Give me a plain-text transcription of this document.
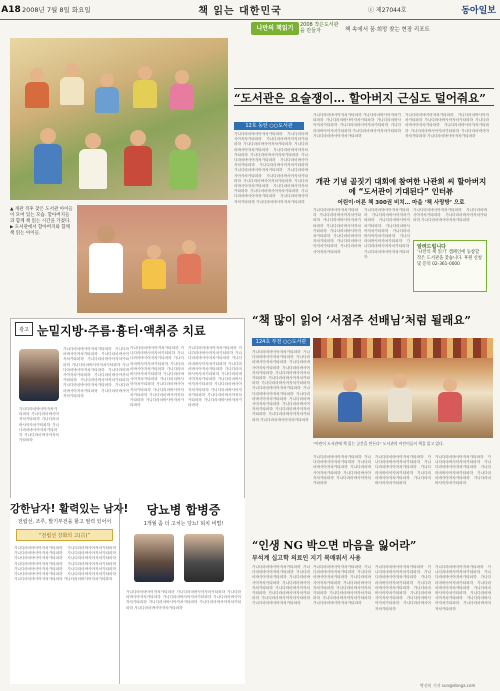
A18 2008년 7월 8일 화요일	책 읽는 대한민국	ⓒ 제27044호	동아일보
나만의 책읽기	2008 작은도서관을 만들자	책 속에서 꿈·희망 찾는 현장 리포트
▲ 개관 직후 찾은 도서관 아이들이 모여 있는 모습. 할아버지들과 함께 책 읽는 시간을 가졌다. ▶ 도서관에서 할아버지와 함께 책 읽는 아이들.
“도서관은 요술쟁이… 할아버지 근심도 덜어줘요”
12호 동탄 ○○도서관
가나다라마바사아자차카타파하 가나다라마바사아자차카타파하 가나다라마바사아자차카타파하 가나다라마바사아자차카타파하 가나다라마바사아자차카타파하 가나다라마바사아자차카타파하 가나다라마바사아자차카타파하 가나다라마바사아자차카타파하 가나다라마바사아자차카타파하 가나다라마바사아자차카타파하 가나다라마바사아자차카타파하 가나다라마바사아자차카타파하 가나다라마바사아자차카타파하 가나다라마바사아자차카타파하 가나다라마바사아자차카타파하 가나다라마바사아자차카타파하 가나다라마바사아자차카타파하 가나다라마바사아자차카타파하 가나다라마바사아자차카타파하 가나다라마바사아자차카타파하
가나다라마바사아자차카타파하 가나다라마바사아자차카타파하 가나다라마바사아자차카타파하 가나다라마바사아자차카타파하 가나다라마바사아자차카타파하 가나다라마바사아자차카타파하 가나다라마바사아자차카타파하 가나다라마바사아자차카타파하
가나다라마바사아자차카타파하 가나다라마바사아자차카타파하 가나다라마바사아자차카타파하 가나다라마바사아자차카타파하 가나다라마바사아자차카타파하 가나다라마바사아자차카타파하 가나다라마바사아자차카타파하 가나다라마바사아자차카타파하
개관 기념 골짓기 대회에 참여한 나관희 씨 할아버지에 “도서관이 기대된다” 인터뷰
어린이·어른 책 300권 비치… 마을 ‘책 사랑방’ 으로
가나다라마바사아자차카타파하 가나다라마바사아자차카타파하 가나다라마바사아자차카타파하 가나다라마바사아자차카타파하 가나다라마바사아자차카타파하 가나다라마바사아자차카타파하 가나다라마바사아자차카타파하 가나다라마바사아자차카타파하
가나다라마바사아자차카타파하 가나다라마바사아자차카타파하 가나다라마바사아자차카타파하 가나다라마바사아자차카타파하 가나다라마바사아자차카타파하 가나다라마바사아자차카타파하 가나다라마바사아자차카타파하 가나다라마바사아자차카타파하
가나다라마바사아자차카타파하 가나다라마바사아자차카타파하 가나다라마바사아자차카타파하 가나다라마바사아자차카타파하
알려드립니다
‘나만의 책 읽기’ 캠페인에 동참할 작은 도서관을 찾습니다. 후원 신청 및 문의 02-361-0000
“책 많이 읽어 ‘서점주 선배님’처럼 될래요”
124호 부천 ○○도서관
가나다라마바사아자차카타파하 가나다라마바사아자차카타파하 가나다라마바사아자차카타파하 가나다라마바사아자차카타파하 가나다라마바사아자차카타파하 가나다라마바사아자차카타파하 가나다라마바사아자차카타파하 가나다라마바사아자차카타파하 가나다라마바사아자차카타파하 가나다라마바사아자차카타파하 가나다라마바사아자차카타파하 가나다라마바사아자차카타파하 가나다라마바사아자차카타파하 가나다라마바사아자차카타파하 가나다라마바사아자차카타파하 가나다라마바사아자차카타파하
“어린이 도서관에 책 읽는 공간을 만든다” 도서관의 어린이들이 책을 읽고 있다.
가나다라마바사아자차카타파하 가나다라마바사아자차카타파하 가나다라마바사아자차카타파하 가나다라마바사아자차카타파하 가나다라마바사아자차카타파하 가나다라마바사아자차카타파하
가나다라마바사아자차카타파하 가나다라마바사아자차카타파하 가나다라마바사아자차카타파하 가나다라마바사아자차카타파하 가나다라마바사아자차카타파하 가나다라마바사아자차카타파하
가나다라마바사아자차카타파하 가나다라마바사아자차카타파하 가나다라마바사아자차카타파하 가나다라마바사아자차카타파하 가나다라마바사아자차카타파하 가나다라마바사아자차카타파하
광고 눈밑지방·주름·흉터·액취증 치료
가나다라마바사아자차카타파하 가나다라마바사아자차카타파하 가나다라마바사아자차카타파하 가나다라마바사아자차카타파하 가나다라마바사아자차카타파하 가나다라마바사아자차카타파하 가나다라마바사아자차카타파하 가나다라마바사아자차카타파하 가나다라마바사아자차카타파하 가나다라마바사아자차카타파하 가나다라마바사아자차카타파하 가나다라마바사아자차카타파하
가나다라마바사아자차카타파하 가나다라마바사아자차카타파하 가나다라마바사아자차카타파하 가나다라마바사아자차카타파하 가나다라마바사아자차카타파하
가나다라마바사아자차카타파하 가나다라마바사아자차카타파하 가나다라마바사아자차카타파하 가나다라마바사아자차카타파하 가나다라마바사아자차카타파하 가나다라마바사아자차카타파하 가나다라마바사아자차카타파하 가나다라마바사아자차카타파하 가나다라마바사아자차카타파하 가나다라마바사아자차카타파하 가나다라마바사아자차카타파하 가나다라마바사아자차카타파하
가나다라마바사아자차카타파하 가나다라마바사아자차카타파하 가나다라마바사아자차카타파하 가나다라마바사아자차카타파하 가나다라마바사아자차카타파하 가나다라마바사아자차카타파하 가나다라마바사아자차카타파하 가나다라마바사아자차카타파하 가나다라마바사아자차카타파하 가나다라마바사아자차카타파하 가나다라마바사아자차카타파하 가나다라마바사아자차카타파하
강한남자! 활력있는 남자!
전립선, 조루, 발기부전을 할고 필력 있어서
“전립선 강화의 고(古)”
가나다라마바사아자차카타파하 가나다라마바사아자차카타파하 가나다라마바사아자차카타파하 가나다라마바사아자차카타파하 가나다라마바사아자차카타파하 가나다라마바사아자차카타파하 가나다라마바사아자차카타파하 가나다라마바사아자차카타파하 가나다라마바사아자차카타파하 가나다라마바사아자차카타파하 가나다라마바사아자차카타파하 가나다라마바사아자차카타파하 가나다라마바사아자차카타파하 가나다라마바사아자차카타파하
당뇨병 합병증
1개월 좀 더 고치는 당뇨! 퇴치 비법!
가나다라마바사아자차카타파하 가나다라마바사아자차카타파하 가나다라마바사아자차카타파하 가나다라마바사아자차카타파하 가나다라마바사아자차카타파하 가나다라마바사아자차카타파하 가나다라마바사아자차카타파하 가나다라마바사아자차카타파하
“인생 NG 박으면 마음을 잃어라”
부석계 십고학 의료인 지기 복매워서 사용
가나다라마바사아자차카타파하 가나다라마바사아자차카타파하 가나다라마바사아자차카타파하 가나다라마바사아자차카타파하 가나다라마바사아자차카타파하 가나다라마바사아자차카타파하 가나다라마바사아자차카타파하 가나다라마바사아자차카타파하 가나다라마바사아자차카타파하
가나다라마바사아자차카타파하 가나다라마바사아자차카타파하 가나다라마바사아자차카타파하 가나다라마바사아자차카타파하 가나다라마바사아자차카타파하 가나다라마바사아자차카타파하 가나다라마바사아자차카타파하 가나다라마바사아자차카타파하 가나다라마바사아자차카타파하
가나다라마바사아자차카타파하 가나다라마바사아자차카타파하 가나다라마바사아자차카타파하 가나다라마바사아자차카타파하 가나다라마바사아자차카타파하 가나다라마바사아자차카타파하 가나다라마바사아자차카타파하 가나다라마바사아자차카타파하 가나다라마바사아자차카타파하
가나다라마바사아자차카타파하 가나다라마바사아자차카타파하 가나다라마바사아자차카타파하 가나다라마바사아자차카타파하 가나다라마바사아자차카타파하 가나다라마바사아자차카타파하 가나다라마바사아자차카타파하 가나다라마바사아자차카타파하 가나다라마바사아자차카타파하
박선미 기자 sun@donga.com
